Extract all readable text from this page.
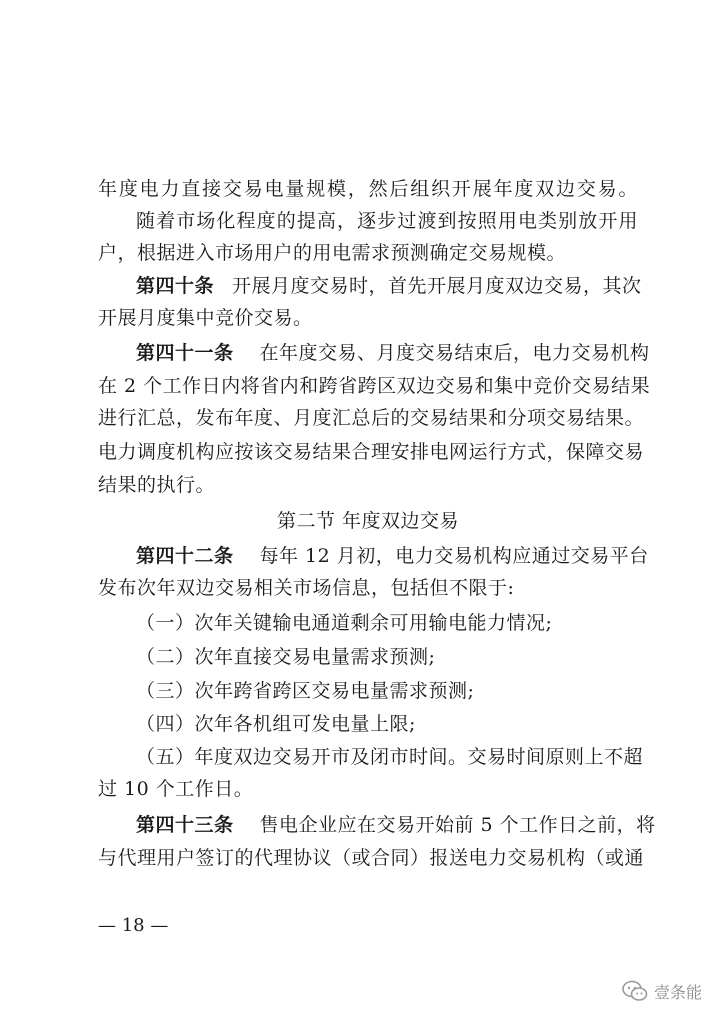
年度电力直接交易电量规模，然后组织开展年度双边交易。
随着市场化程度的提高，逐步过渡到按照用电类别放开用
户，根据进入市场用户的用电需求预测确定交易规模。
第四十条 开展月度交易时，首先开展月度双边交易，其次
开展月度集中竞价交易。
第四十一条 在年度交易、月度交易结束后，电力交易机构
在 2 个工作日内将省内和跨省跨区双边交易和集中竞价交易结果
进行汇总，发布年度、月度汇总后的交易结果和分项交易结果。
电力调度机构应按该交易结果合理安排电网运行方式，保障交易
结果的执行。
第二节 年度双边交易
第四十二条 每年 12 月初，电力交易机构应通过交易平台
发布次年双边交易相关市场信息，包括但不限于:
（一）次年关键输电通道剩余可用输电能力情况;
（二）次年直接交易电量需求预测;
（三）次年跨省跨区交易电量需求预测;
（四）次年各机组可发电量上限;
（五）年度双边交易开市及闭市时间。交易时间原则上不超
过 10 个工作日。
第四十三条 售电企业应在交易开始前 5 个工作日之前，将
与代理用户签订的代理协议（或合同）报送电力交易机构（或通
— 18 —
壹条能
